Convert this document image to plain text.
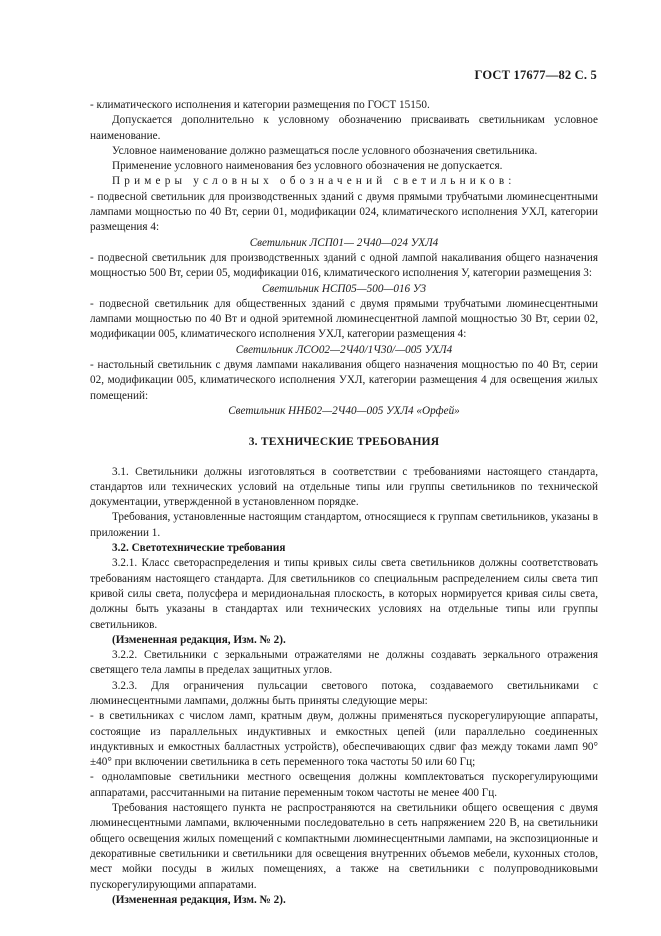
ГОСТ 17677—82 С. 5

- климатического исполнения и категории размещения по ГОСТ 15150.

Допускается дополнительно к условному обозначению присваивать светильникам условное наименование.

Условное наименование должно размещаться после условного обозначения светильника.

Применение условного наименования без условного обозначения не допускается.

Примеры условных обозначений светильников:

- подвесной светильник для производственных зданий с двумя прямыми трубчатыми люминесцентными лампами мощностью по 40 Вт, серии 01, модификации 024, климатического исполнения УХЛ, категории размещения 4:

Светильник ЛСП01— 2Ч40—024 УХЛ4

- подвесной светильник для производственных зданий с одной лампой накаливания общего назначения мощностью 500 Вт, серии 05, модификации 016, климатического исполнения У, категории размещения 3:

Светильник НСП05—500—016 У3

- подвесной светильник для общественных зданий с двумя прямыми трубчатыми люминесцентными лампами мощностью по 40 Вт и одной эритемной люминесцентной лампой мощностью 30 Вт, серии 02, модификации 005, климатического исполнения УХЛ, категории размещения 4:

Светильник ЛСО02—2Ч40/1Ч30/—005 УХЛ4

- настольный светильник с двумя лампами накаливания общего назначения мощностью по 40 Вт, серии 02, модификации 005, климатического исполнения УХЛ, категории размещения 4 для освещения жилых помещений:

Светильник ННБ02—2Ч40—005 УХЛ4 «Орфей»

3. ТЕХНИЧЕСКИЕ ТРЕБОВАНИЯ

3.1. Светильники должны изготовляться в соответствии с требованиями настоящего стандарта, стандартов или технических условий на отдельные типы или группы светильников по технической документации, утвержденной в установленном порядке.

Требования, установленные настоящим стандартом, относящиеся к группам светильников, указаны в приложении 1.

3.2. Светотехнические требования

3.2.1. Класс светораспределения и типы кривых силы света светильников должны соответствовать требованиям настоящего стандарта. Для светильников со специальным распределением силы света тип кривой силы света, полусфера и меридиональная плоскость, в которых нормируется кривая силы света, должны быть указаны в стандартах или технических условиях на отдельные типы или группы светильников.

(Измененная редакция, Изм. № 2).

3.2.2. Светильники с зеркальными отражателями не должны создавать зеркального отражения светящего тела лампы в пределах защитных углов.

3.2.3. Для ограничения пульсации светового потока, создаваемого светильниками с люминесцентными лампами, должны быть приняты следующие меры:

- в светильниках с числом ламп, кратным двум, должны применяться пускорегулирующие аппараты, состоящие из параллельных индуктивных и емкостных цепей (или параллельно соединенных индуктивных и емкостных балластных устройств), обеспечивающих сдвиг фаз между токами ламп 90°±40° при включении светильника в сеть переменного тока частоты 50 или 60 Гц;

- одноламповые светильники местного освещения должны комплектоваться пускорегулирующими аппаратами, рассчитанными на питание переменным током частоты не менее 400 Гц.

Требования настоящего пункта не распространяются на светильники общего освещения с двумя люминесцентными лампами, включенными последовательно в сеть напряжением 220 В, на светильники общего освещения жилых помещений с компактными люминесцентными лампами, на экспозиционные и декоративные светильники и светильники для освещения внутренних объемов мебели, кухонных столов, мест мойки посуды в жилых помещениях, а также на светильники с полупроводниковыми пускорегулирующими аппаратами.

(Измененная редакция, Изм. № 2).
